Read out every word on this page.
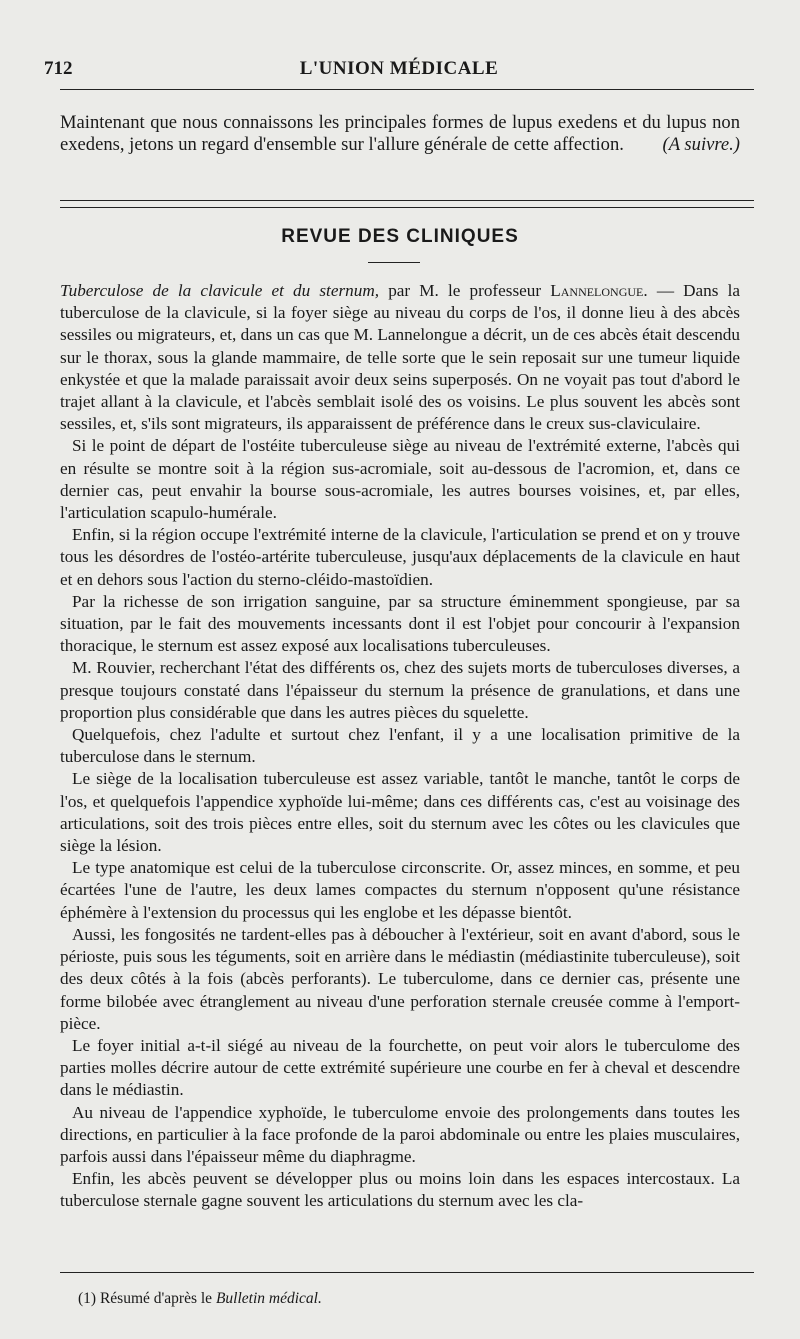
712	L'UNION MÉDICALE

Maintenant que nous connaissons les principales formes de lupus exedens et du lupus non exedens, jetons un regard d'ensemble sur l'allure générale de cette affection. (A suivre.)

REVUE DES CLINIQUES

Tuberculose de la clavicule et du sternum, par M. le professeur Lannelongue. — Dans la tuberculose de la clavicule, si la foyer siège au niveau du corps de l'os, il donne lieu à des abcès sessiles ou migrateurs, et, dans un cas que M. Lannelongue a décrit, un de ces abcès était descendu sur le thorax, sous la glande mammaire, de telle sorte que le sein reposait sur une tumeur liquide enkystée et que la malade paraissait avoir deux seins superposés. On ne voyait pas tout d'abord le trajet allant à la clavicule, et l'abcès semblait isolé des os voisins. Le plus souvent les abcès sont sessiles, et, s'ils sont migrateurs, ils apparaissent de préférence dans le creux sus-claviculaire.

Si le point de départ de l'ostéite tuberculeuse siège au niveau de l'extrémité externe, l'abcès qui en résulte se montre soit à la région sus-acromiale, soit au-dessous de l'acromion, et, dans ce dernier cas, peut envahir la bourse sous-acromiale, les autres bourses voisines, et, par elles, l'articulation scapulo-humérale.

Enfin, si la région occupe l'extrémité interne de la clavicule, l'articulation se prend et on y trouve tous les désordres de l'ostéo-artérite tuberculeuse, jusqu'aux déplacements de la clavicule en haut et en dehors sous l'action du sterno-cléido-mastoïdien.

Par la richesse de son irrigation sanguine, par sa structure éminemment spongieuse, par sa situation, par le fait des mouvements incessants dont il est l'objet pour concourir à l'expansion thoracique, le sternum est assez exposé aux localisations tuberculeuses.

M. Rouvier, recherchant l'état des différents os, chez des sujets morts de tuberculoses diverses, a presque toujours constaté dans l'épaisseur du sternum la présence de granulations, et dans une proportion plus considérable que dans les autres pièces du squelette.

Quelquefois, chez l'adulte et surtout chez l'enfant, il y a une localisation primitive de la tuberculose dans le sternum.

Le siège de la localisation tuberculeuse est assez variable, tantôt le manche, tantôt le corps de l'os, et quelquefois l'appendice xyphoïde lui-même; dans ces différents cas, c'est au voisinage des articulations, soit des trois pièces entre elles, soit du sternum avec les côtes ou les clavicules que siège la lésion.

Le type anatomique est celui de la tuberculose circonscrite. Or, assez minces, en somme, et peu écartées l'une de l'autre, les deux lames compactes du sternum n'opposent qu'une résistance éphémère à l'extension du processus qui les englobe et les dépasse bientôt.

Aussi, les fongosités ne tardent-elles pas à déboucher à l'extérieur, soit en avant d'abord, sous le périoste, puis sous les téguments, soit en arrière dans le médiastin (médiastinite tuberculeuse), soit des deux côtés à la fois (abcès perforants). Le tuberculome, dans ce dernier cas, présente une forme bilobée avec étranglement au niveau d'une perforation sternale creusée comme à l'emport-pièce.

Le foyer initial a-t-il siégé au niveau de la fourchette, on peut voir alors le tuberculome des parties molles décrire autour de cette extrémité supérieure une courbe en fer à cheval et descendre dans le médiastin.

Au niveau de l'appendice xyphoïde, le tuberculome envoie des prolongements dans toutes les directions, en particulier à la face profonde de la paroi abdominale ou entre les plaies musculaires, parfois aussi dans l'épaisseur même du diaphragme.

Enfin, les abcès peuvent se développer plus ou moins loin dans les espaces intercostaux. La tuberculose sternale gagne souvent les articulations du sternum avec les cla-

(1) Résumé d'après le Bulletin médical.
